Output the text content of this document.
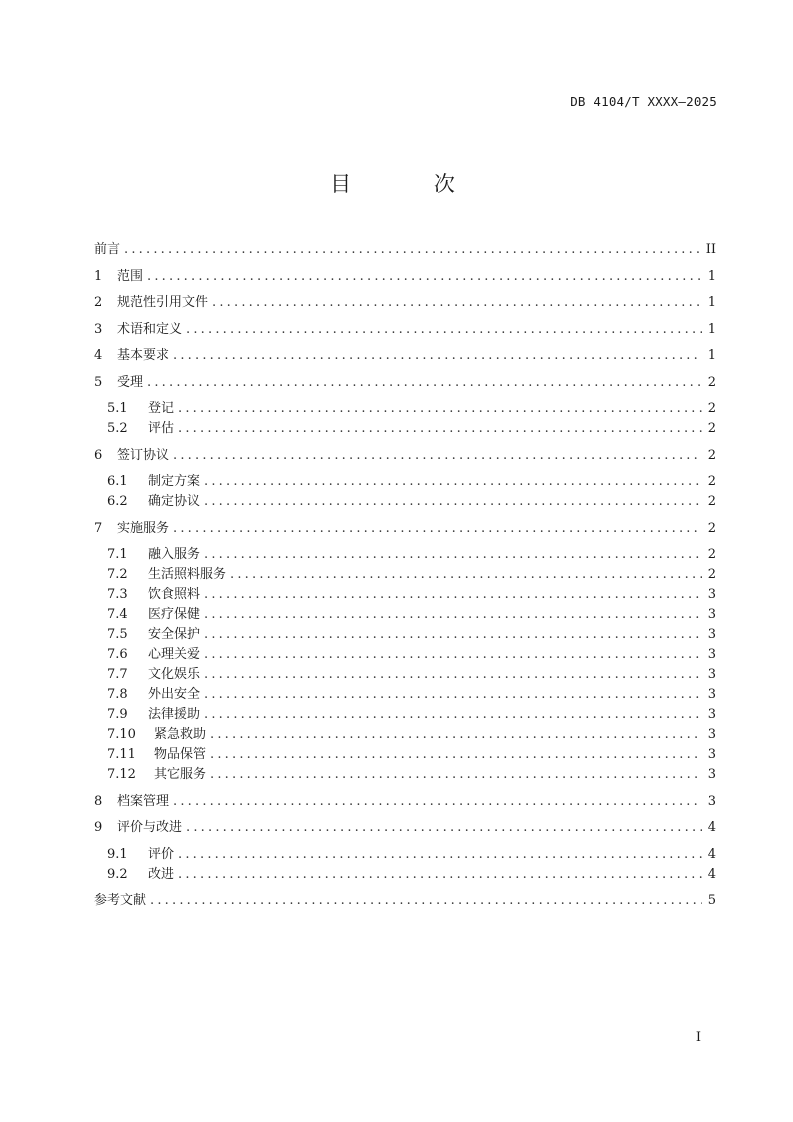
DB 4104/T XXXX—2025
目 次
前言 .....	II
1	范围 .....	1
2	规范性引用文件 .....	1
3	术语和定义 .....	1
4	基本要求 .....	1
5	受理 .....	2
5.1	登记 .....	2
5.2	评估 .....	2
6	签订协议 .....	2
6.1	制定方案 .....	2
6.2	确定协议 .....	2
7	实施服务 .....	2
7.1	融入服务 .....	2
7.2	生活照料服务 .....	2
7.3	饮食照料 .....	3
7.4	医疗保健 .....	3
7.5	安全保护 .....	3
7.6	心理关爱 .....	3
7.7	文化娱乐 .....	3
7.8	外出安全 .....	3
7.9	法律援助 .....	3
7.10	紧急救助 .....	3
7.11	物品保管 .....	3
7.12	其它服务 .....	3
8	档案管理 .....	3
9	评价与改进 .....	4
9.1	评价 .....	4
9.2	改进 .....	4
参考文献 .....	5
I
